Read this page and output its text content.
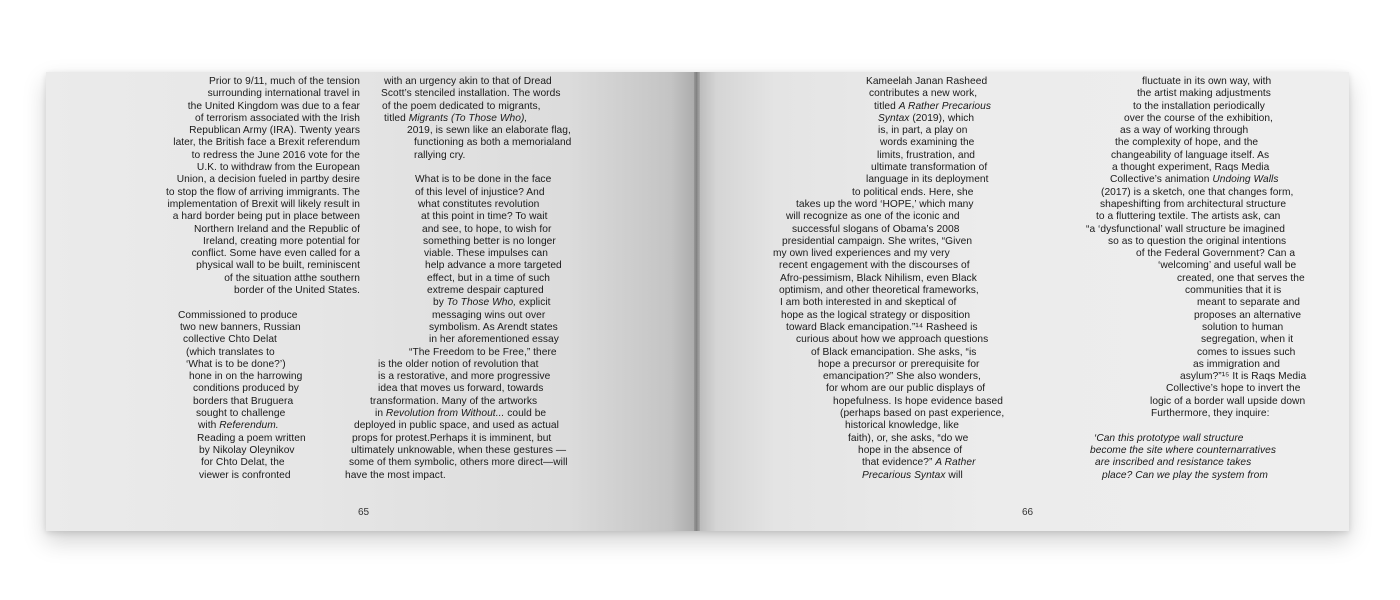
Prior to 9/11, much of the tension
surrounding international travel in
the United Kingdom was due to a fear
of terrorism associated with the Irish
Republican Army (IRA). Twenty years
later, the British face a Brexit referendum
to redress the June 2016 vote for the
U.K. to withdraw from the European
Union, a decision fueled in partby desire
to stop the flow of arriving immigrants. The
implementation of Brexit will likely result in
a hard border being put in place between
Northern Ireland and the Republic of
Ireland, creating more potential for
conflict. Some have even called for a
physical wall to be built, reminiscent
of the situation atthe southern
border of the United States.
Commissioned to produce
two new banners, Russian
collective Chto Delat
(which translates to
‘What is to be done?’)
hone in on the harrowing
conditions produced by
borders that Bruguera
sought to challenge
with Referendum.
Reading a poem written
by Nikolay Oleynikov
for Chto Delat, the
viewer is confronted
with an urgency akin to that of Dread
Scott’s stenciled installation. The words
of the poem dedicated to migrants,
titled Migrants (To Those Who),
2019, is sewn like an elaborate flag,
functioning as both a memorialand
rallying cry.
What is to be done in the face
of this level of injustice? And
what constitutes revolution
at this point in time? To wait
and see, to hope, to wish for
something better is no longer
viable. These impulses can
help advance a more targeted
effect, but in a time of such
extreme despair captured
by To Those Who, explicit
messaging wins out over
symbolism. As Arendt states
in her aforementioned essay
“The Freedom to be Free,” there
is the older notion of revolution that
is a restorative, and more progressive
idea that moves us forward, towards
transformation. Many of the artworks
in Revolution from Without... could be
deployed in public space, and used as actual
props for protest.Perhaps it is imminent, but
ultimately unknowable, when these gestures —
some of them symbolic, others more direct—will
have the most impact.
65
Kameelah Janan Rasheed
contributes a new work,
titled A Rather Precarious
Syntax (2019), which
is, in part, a play on
words examining the
limits, frustration, and
ultimate transformation of
language in its deployment
to political ends. Here, she
takes up the word ‘HOPE,’ which many
will recognize as one of the iconic and
successful slogans of Obama’s 2008
presidential campaign. She writes, “Given
my own lived experiences and my very
recent engagement with the discourses of
Afro-pessimism, Black Nihilism, even Black
optimism, and other theoretical frameworks,
I am both interested in and skeptical of
hope as the logical strategy or disposition
toward Black emancipation.”¹⁴ Rasheed is
curious about how we approach questions
of Black emancipation. She asks, “is
hope a precursor or prerequisite for
emancipation?” She also wonders,
for whom are our public displays of
hopefulness. Is hope evidence based
(perhaps based on past experience,
historical knowledge, like
faith), or, she asks, “do we
hope in the absence of
that evidence?” A Rather
Precarious Syntax will
fluctuate in its own way, with
the artist making adjustments
to the installation periodically
over the course of the exhibition,
as a way of working through
the complexity of hope, and the
changeability of language itself. As
a thought experiment, Raqs Media
Collective’s animation Undoing Walls
(2017) is a sketch, one that changes form,
shapeshifting from architectural structure
to a fluttering textile. The artists ask, can
“a ‘dysfunctional’ wall structure be imagined
so as to question the original intentions
of the Federal Government? Can a
‘welcoming’ and useful wall be
created, one that serves the
communities that it is
meant to separate and
proposes an alternative
solution to human
segregation, when it
comes to issues such
as immigration and
asylum?”¹⁵ It is Raqs Media
Collective’s hope to invert the
logic of a border wall upside down
Furthermore, they inquire:
‘Can this prototype wall structure
become the site where counternarratives
are inscribed and resistance takes
place? Can we play the system from
66
